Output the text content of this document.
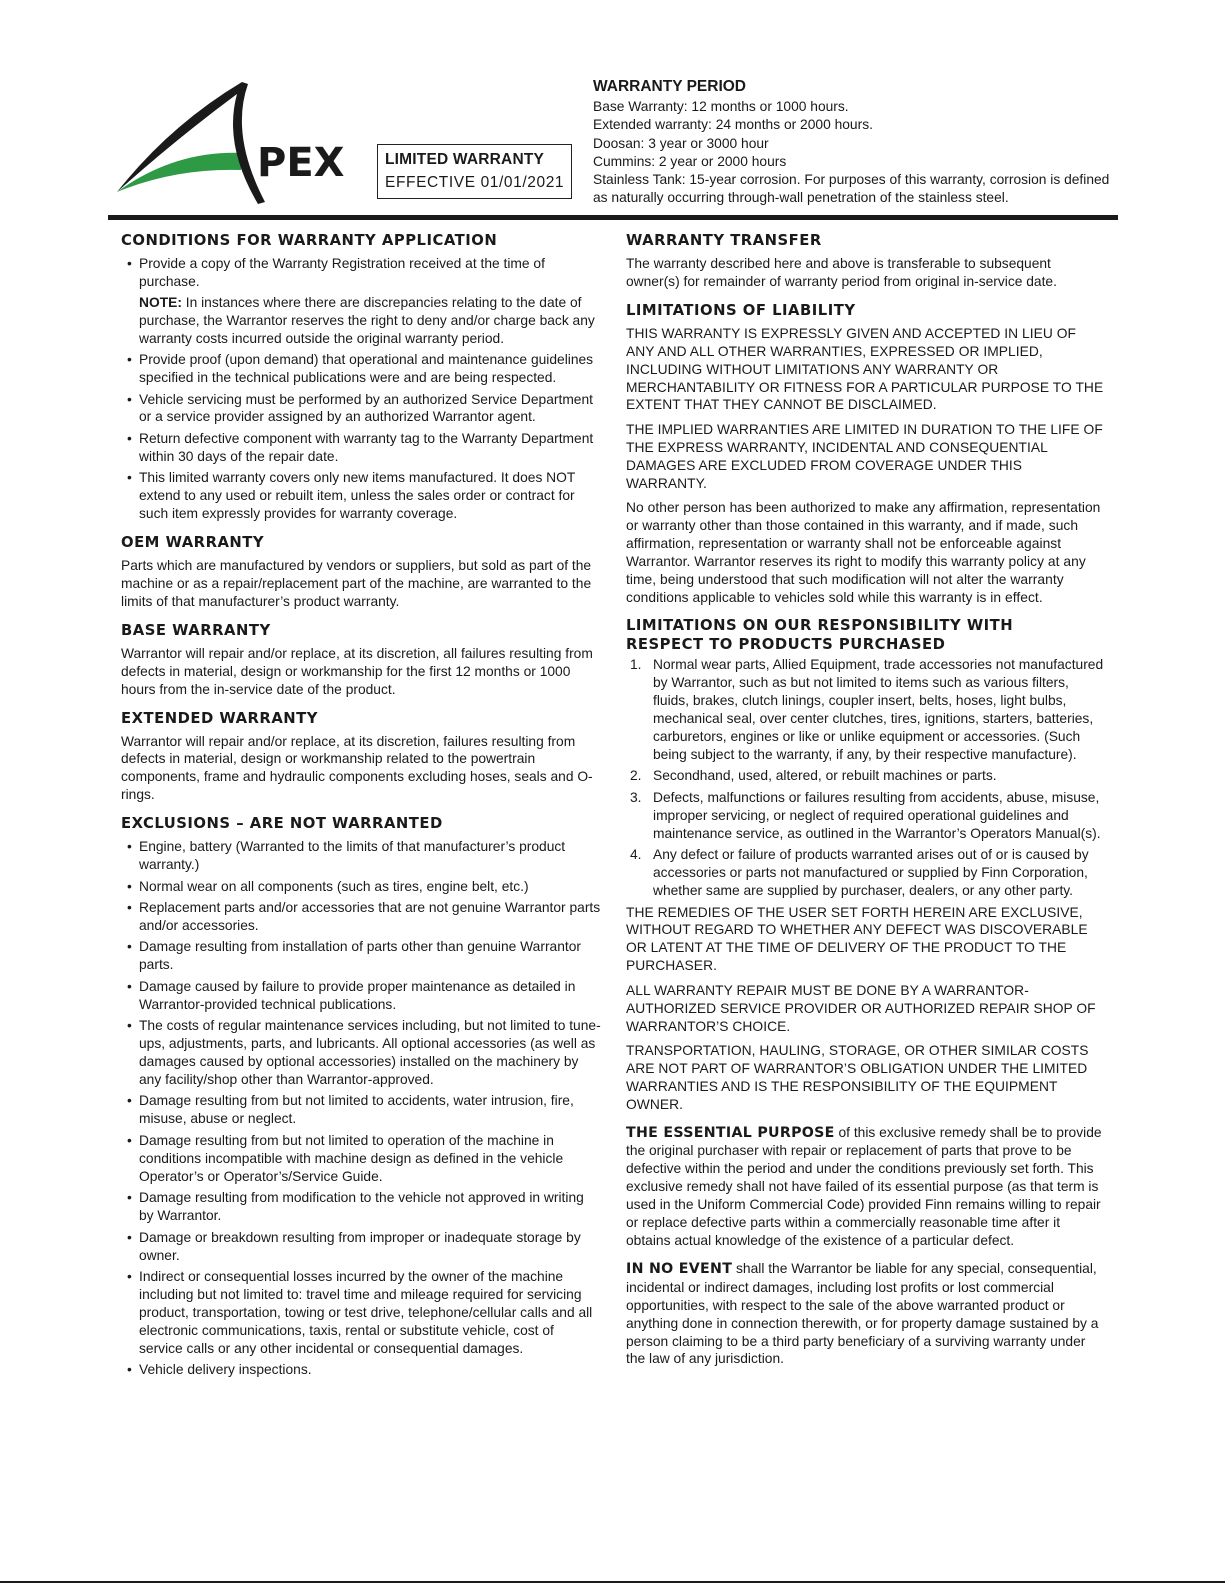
PEX	LIMITED WARRANTY
EFFECTIVE 01/01/2021
WARRANTY PERIOD
Base Warranty: 12 months or 1000 hours.
Extended warranty: 24 months or 2000 hours.
Doosan: 3 year or 3000 hour
Cummins: 2 year or 2000 hours
Stainless Tank: 15-year corrosion. For purposes of this warranty, corrosion is defined as naturally occurring through-wall penetration of the stainless steel.
CONDITIONS FOR WARRANTY APPLICATION
• Provide a copy of the Warranty Registration received at the time of purchase.
NOTE: In instances where there are discrepancies relating to the date of purchase, the Warrantor reserves the right to deny and/or charge back any warranty costs incurred outside the original warranty period.
• Provide proof (upon demand) that operational and maintenance guidelines specified in the technical publications were and are being respected.
• Vehicle servicing must be performed by an authorized Service Department or a service provider assigned by an authorized Warrantor agent.
• Return defective component with warranty tag to the Warranty Department within 30 days of the repair date.
• This limited warranty covers only new items manufactured. It does NOT extend to any used or rebuilt item, unless the sales order or contract for such item expressly provides for warranty coverage.
OEM WARRANTY

Parts which are manufactured by vendors or suppliers, but sold as part of the machine or as a repair/replacement part of the machine, are warranted to the limits of that manufacturer’s product warranty.

BASE WARRANTY

Warrantor will repair and/or replace, at its discretion, all failures resulting from defects in material, design or workmanship for the first 12 months or 1000 hours from the in-service date of the product.

EXTENDED WARRANTY

Warrantor will repair and/or replace, at its discretion, failures resulting from defects in material, design or workmanship related to the powertrain components, frame and hydraulic components excluding hoses, seals and O-rings.

EXCLUSIONS – ARE NOT WARRANTED
• Engine, battery (Warranted to the limits of that manufacturer’s product warranty.)
• Normal wear on all components (such as tires, engine belt, etc.)
• Replacement parts and/or accessories that are not genuine Warrantor parts and/or accessories.
• Damage resulting from installation of parts other than genuine Warrantor parts.
• Damage caused by failure to provide proper maintenance as detailed in Warrantor-provided technical publications.
• The costs of regular maintenance services including, but not limited to tune-ups, adjustments, parts, and lubricants. All optional accessories (as well as damages caused by optional accessories) installed on the machinery by any facility/shop other than Warrantor-approved.
• Damage resulting from but not limited to accidents, water intrusion, fire, misuse, abuse or neglect.
• Damage resulting from but not limited to operation of the machine in conditions incompatible with machine design as defined in the vehicle Operator’s or Operator’s/Service Guide.
• Damage resulting from modification to the vehicle not approved in writing by Warrantor.
• Damage or breakdown resulting from improper or inadequate storage by owner.
• Indirect or consequential losses incurred by the owner of the machine including but not limited to: travel time and mileage required for servicing product, transportation, towing or test drive, telephone/cellular calls and all electronic communications, taxis, rental or substitute vehicle, cost of service calls or any other incidental or consequential damages.
• Vehicle delivery inspections.
WARRANTY TRANSFER

The warranty described here and above is transferable to subsequent owner(s) for remainder of warranty period from original in-service date.

LIMITATIONS OF LIABILITY

THIS WARRANTY IS EXPRESSLY GIVEN AND ACCEPTED IN LIEU OF ANY AND ALL OTHER WARRANTIES, EXPRESSED OR IMPLIED, INCLUDING WITHOUT LIMITATIONS ANY WARRANTY OR MERCHANTABILITY OR FITNESS FOR A PARTICULAR PURPOSE TO THE EXTENT THAT THEY CANNOT BE DISCLAIMED.

THE IMPLIED WARRANTIES ARE LIMITED IN DURATION TO THE LIFE OF THE EXPRESS WARRANTY, INCIDENTAL AND CONSEQUENTIAL DAMAGES ARE EXCLUDED FROM COVERAGE UNDER THIS WARRANTY.

No other person has been authorized to make any affirmation, representation or warranty other than those contained in this warranty, and if made, such affirmation, representation or warranty shall not be enforceable against Warrantor. Warrantor reserves its right to modify this warranty policy at any time, being understood that such modification will not alter the warranty conditions applicable to vehicles sold while this warranty is in effect.

LIMITATIONS ON OUR RESPONSIBILITY WITH
RESPECT TO PRODUCTS PURCHASED
1. Normal wear parts, Allied Equipment, trade accessories not manufactured by Warrantor, such as but not limited to items such as various filters, fluids, brakes, clutch linings, coupler insert, belts, hoses, light bulbs, mechanical seal, over center clutches, tires, ignitions, starters, batteries, carburetors, engines or like or unlike equipment or accessories. (Such being subject to the warranty, if any, by their respective manufacture).
2. Secondhand, used, altered, or rebuilt machines or parts.
3. Defects, malfunctions or failures resulting from accidents, abuse, misuse, improper servicing, or neglect of required operational guidelines and maintenance service, as outlined in the Warrantor’s Operators Manual(s).
4. Any defect or failure of products warranted arises out of or is caused by accessories or parts not manufactured or supplied by Finn Corporation, whether same are supplied by purchaser, dealers, or any other party.

THE REMEDIES OF THE USER SET FORTH HEREIN ARE EXCLUSIVE, WITHOUT REGARD TO WHETHER ANY DEFECT WAS DISCOVERABLE OR LATENT AT THE TIME OF DELIVERY OF THE PRODUCT TO THE PURCHASER.

ALL WARRANTY REPAIR MUST BE DONE BY A WARRANTOR-AUTHORIZED SERVICE PROVIDER OR AUTHORIZED REPAIR SHOP OF WARRANTOR’S CHOICE.

TRANSPORTATION, HAULING, STORAGE, OR OTHER SIMILAR COSTS ARE NOT PART OF WARRANTOR’S OBLIGATION UNDER THE LIMITED WARRANTIES AND IS THE RESPONSIBILITY OF THE EQUIPMENT OWNER.

THE ESSENTIAL PURPOSE of this exclusive remedy shall be to provide the original purchaser with repair or replacement of parts that prove to be defective within the period and under the conditions previously set forth. This exclusive remedy shall not have failed of its essential purpose (as that term is used in the Uniform Commercial Code) provided Finn remains willing to repair or replace defective parts within a commercially reasonable time after it obtains actual knowledge of the existence of a particular defect.

IN NO EVENT shall the Warrantor be liable for any special, consequential, incidental or indirect damages, including lost profits or lost commercial opportunities, with respect to the sale of the above warranted product or anything done in connection therewith, or for property damage sustained by a person claiming to be a third party beneficiary of a surviving warranty under the law of any jurisdiction.
